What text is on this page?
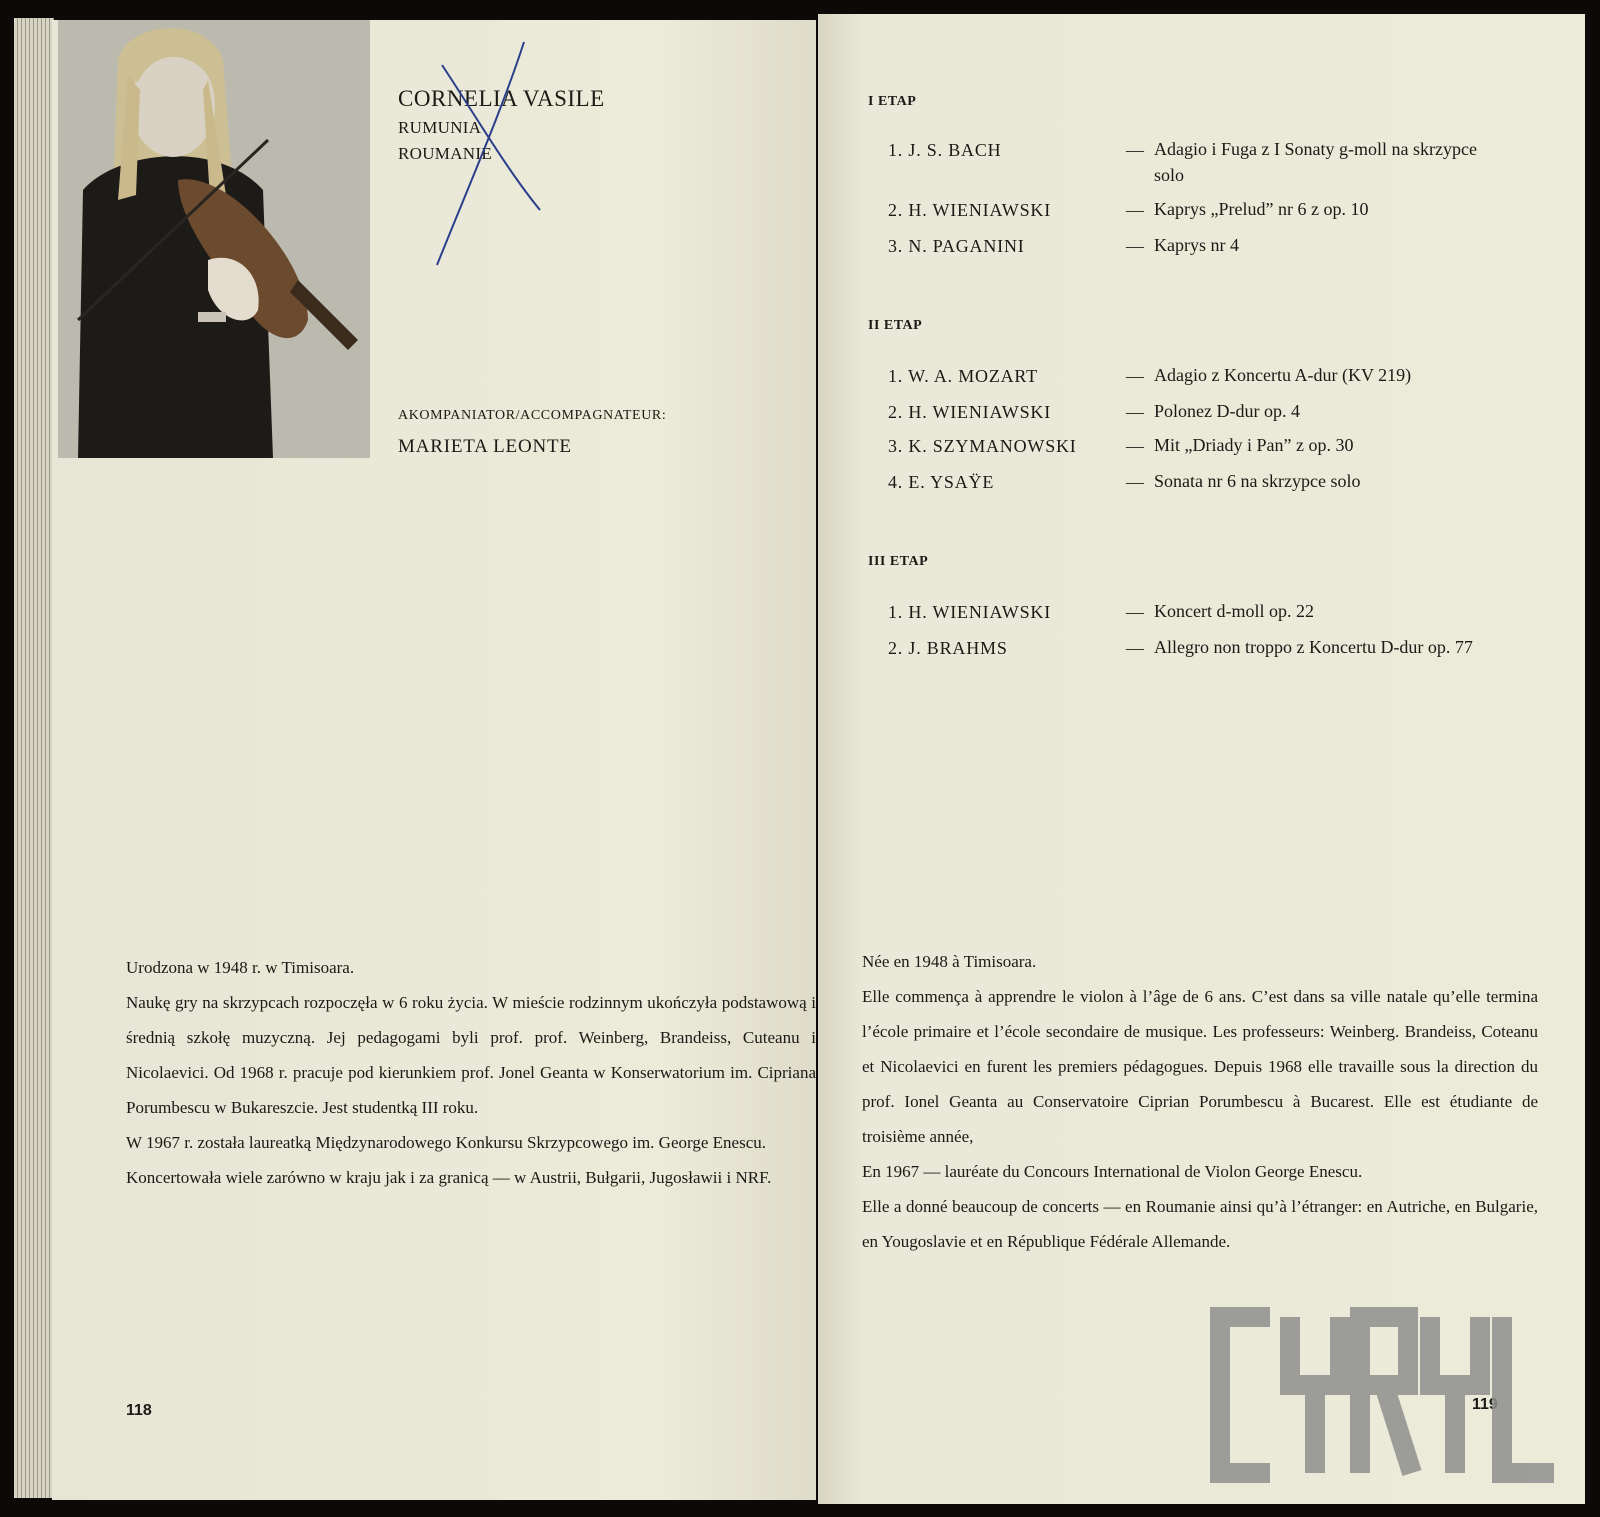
CORNELIA VASILE
RUMUNIA
ROUMANIE
AKOMPANIATOR/ACCOMPAGNATEUR:
MARIETA LEONTE

Urodzona w 1948 r. w Timisoara.

Naukę gry na skrzypcach rozpoczęła w 6 roku życia. W mieście rodzinnym ukończyła podstawową i średnią szkołę muzyczną. Jej pedagogami byli prof. prof. Weinberg, Brandeiss, Cuteanu i Nicolaevici. Od 1968 r. pracuje pod kierunkiem prof. Jonel Geanta w Konserwatorium im. Cipriana Porumbescu w Bukareszcie. Jest studentką III roku.

W 1967 r. została laureatką Międzynarodowego Konkursu Skrzypcowego im. George Enescu.

Koncertowała wiele zarówno w kraju jak i za granicą — w Austrii, Bułgarii, Jugosławii i NRF.

118
I ETAP
1. J. S. BACH	— Adagio i Fuga z I Sonaty g-moll na skrzypce solo
2. H. WIENIAWSKI	— Kaprys „Prelud” nr 6 z op. 10
3. N. PAGANINI	— Kaprys nr 4
II ETAP
1. W. A. MOZART	— Adagio z Koncertu A-dur (KV 219)
2. H. WIENIAWSKI	— Polonez D-dur op. 4
3. K. SZYMANOWSKI	— Mit „Driady i Pan” z op. 30
4. E. YSAŸE	— Sonata nr 6 na skrzypce solo
III ETAP
1. H. WIENIAWSKI	— Koncert d-moll op. 22
2. J. BRAHMS	— Allegro non troppo z Koncertu D-dur op. 77

Née en 1948 à Timisoara.

Elle commença à apprendre le violon à l’âge de 6 ans. C’est dans sa ville natale qu’elle termina l’école primaire et l’école secondaire de musique. Les professeurs: Weinberg. Brandeiss, Coteanu et Nicolaevici en furent les premiers pédagogues. Depuis 1968 elle travaille sous la direction du prof. Ionel Geanta au Conservatoire Ciprian Porumbescu à Bucarest. Elle est étudiante de troisième année,

En 1967 — lauréate du Concours International de Violon George Enescu.

Elle a donné beaucoup de concerts — en Roumanie ainsi qu’à l’étranger: en Autriche, en Bulgarie, en Yougoslavie et en République Fédérale Allemande.

119
